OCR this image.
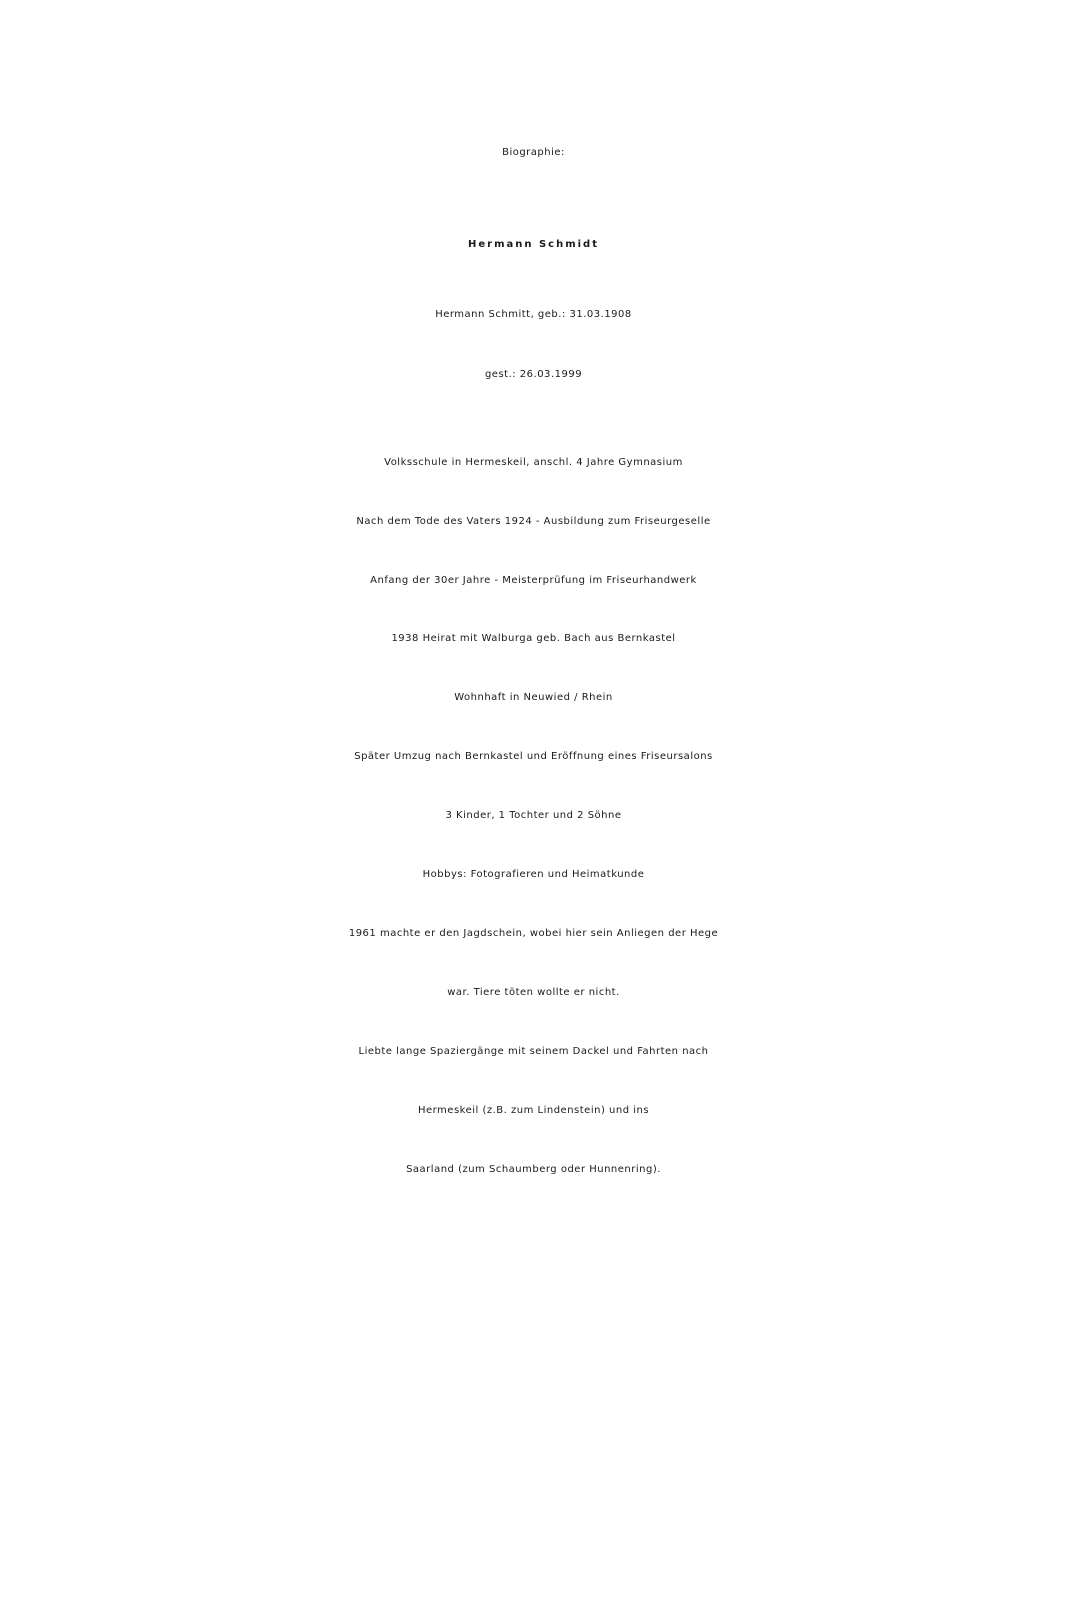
Biographie:
Hermann Schmidt
Hermann Schmitt, geb.: 31.03.1908
gest.: 26.03.1999
Volksschule in Hermeskeil, anschl. 4 Jahre Gymnasium
Nach dem Tode des Vaters 1924 - Ausbildung zum Friseurgeselle
Anfang der 30er Jahre - Meisterprüfung im Friseurhandwerk
1938 Heirat mit Walburga geb. Bach aus Bernkastel
Wohnhaft in Neuwied / Rhein
Später Umzug nach Bernkastel und Eröffnung eines Friseursalons
3 Kinder, 1 Tochter und 2 Söhne
Hobbys: Fotografieren und Heimatkunde
1961 machte er den Jagdschein, wobei hier sein Anliegen der Hege
war. Tiere töten wollte er nicht.
Liebte lange Spaziergänge mit seinem Dackel und Fahrten nach
Hermeskeil (z.B. zum Lindenstein) und ins
Saarland (zum Schaumberg oder Hunnenring).
